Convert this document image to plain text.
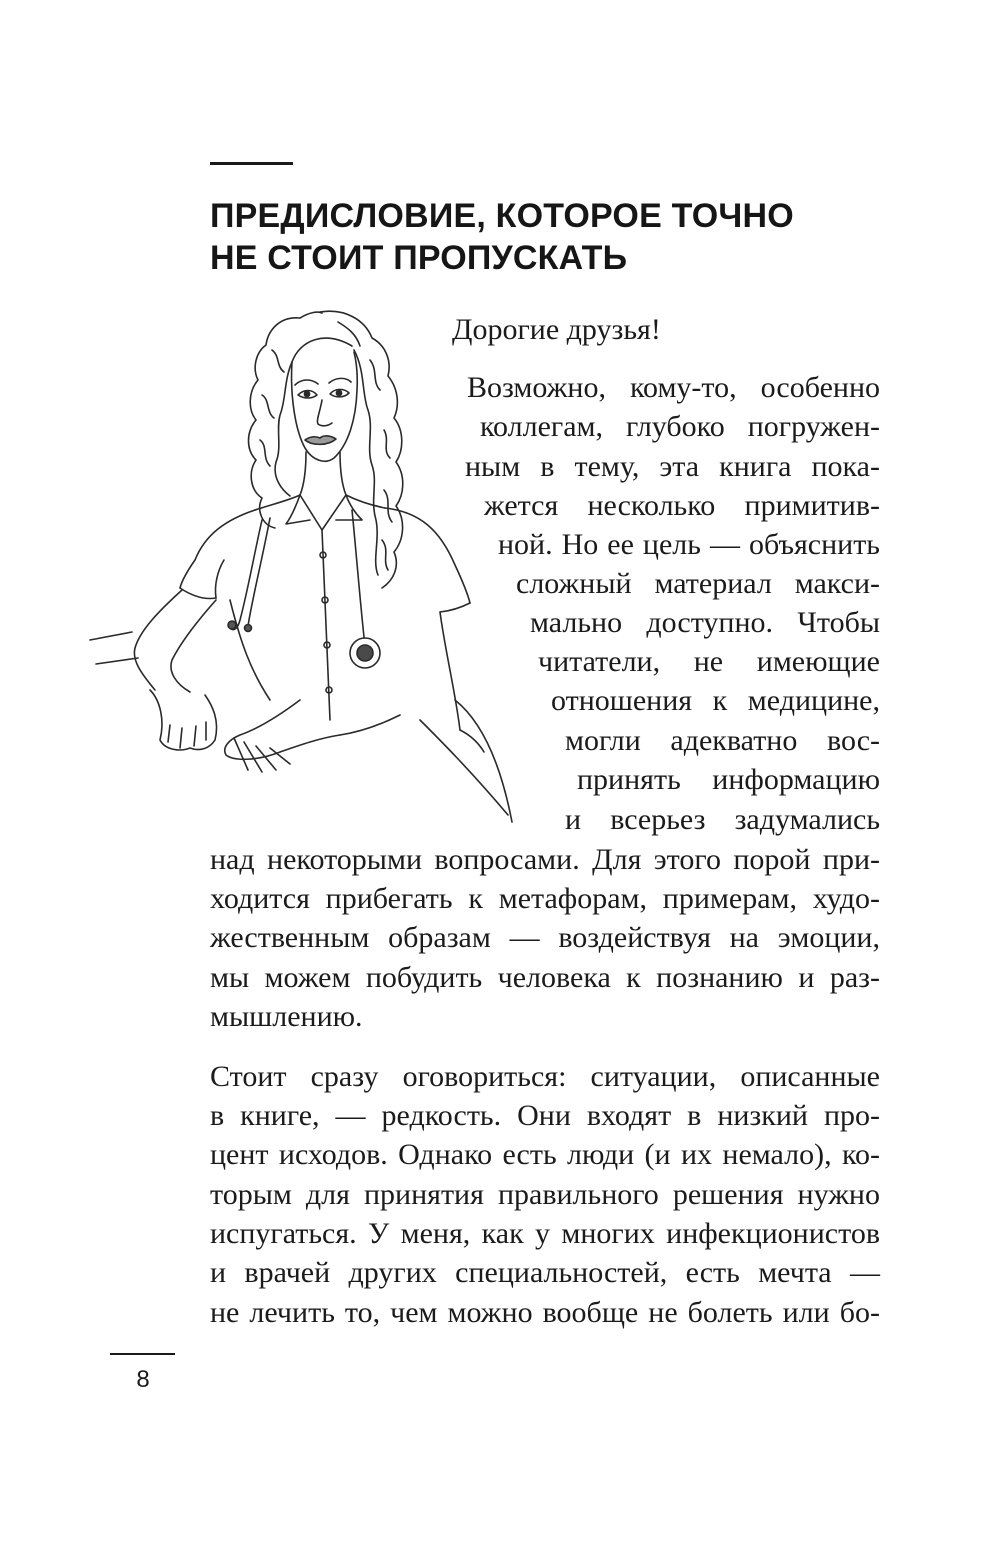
ПРЕДИСЛОВИЕ, КОТОРОЕ ТОЧНО
НЕ СТОИТ ПРОПУСКАТЬ
Дорогие друзья!
Возможно, кому-то, особенно
коллегам, глубоко погружен-
ным в тему, эта книга пока-
жется несколько примитив-
ной. Но ее цель — объяснить
сложный материал макси-
мально доступно. Чтобы
читатели, не имеющие
отношения к медицине,
могли адекватно вос-
принять информацию
и всерьез задумались
над некоторыми вопросами. Для этого порой при-
ходится прибегать к метафорам, примерам, худо-
жественным образам — воздействуя на эмоции,
мы можем побудить человека к познанию и раз-
мышлению.
Стоит сразу оговориться: ситуации, описанные
в книге, — редкость. Они входят в низкий про-
цент исходов. Однако есть люди (и их немало), ко-
торым для принятия правильного решения нужно
испугаться. У меня, как у многих инфекционистов
и врачей других специальностей, есть мечта —
не лечить то, чем можно вообще не болеть или бо-
8
